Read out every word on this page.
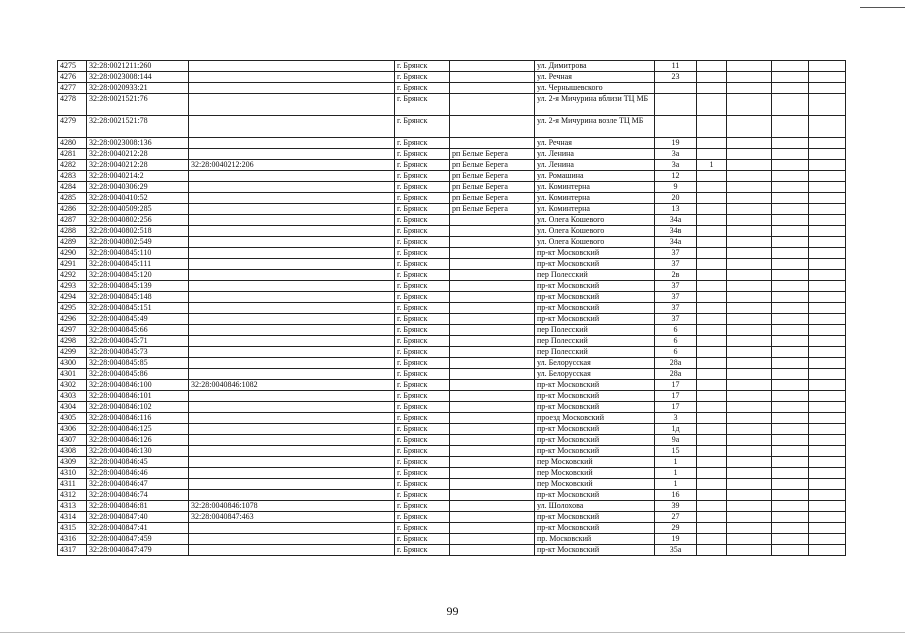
4275	32:28:0021211:260		г. Брянск		ул. Димитрова	11				
4276	32:28:0023008:144		г. Брянск		ул. Речная	23				
4277	32:28:0020933:21		г. Брянск		ул. Чернышевского					
4278	32:28:0021521:76		г. Брянск		ул. 2-я Мичурина вблизи ТЦ МБ					
4279	32:28:0021521:78		г. Брянск		ул. 2-я Мичурина возле ТЦ МБ					
4280	32:28:0023008:136		г. Брянск		ул. Речная	19				
4281	32:28:0040212:28		г. Брянск	рп Белые Берега	ул. Ленина	3а				
4282	32:28:0040212:28	32:28:0040212:206	г. Брянск	рп Белые Берега	ул. Ленина	3а	1			
4283	32:28:0040214:2		г. Брянск	рп Белые Берега	ул. Ромашина	12				
4284	32:28:0040306:29		г. Брянск	рп Белые Берега	ул. Коминтерна	9				
4285	32:28:0040410:52		г. Брянск	рп Белые Берега	ул. Коминтерна	20				
4286	32:28:0040509:285		г. Брянск	рп Белые Берега	ул. Коминтерна	13				
4287	32:28:0040802:256		г. Брянск		ул. Олега Кошевого	34а				
4288	32:28:0040802:518		г. Брянск		ул. Олега Кошевого	34в				
4289	32:28:0040802:549		г. Брянск		ул. Олега Кошевого	34а				
4290	32:28:0040845:110		г. Брянск		пр-кт Московский	37				
4291	32:28:0040845:111		г. Брянск		пр-кт Московский	37				
4292	32:28:0040845:120		г. Брянск		пер Полесский	2в				
4293	32:28:0040845:139		г. Брянск		пр-кт Московский	37				
4294	32:28:0040845:148		г. Брянск		пр-кт Московский	37				
4295	32:28:0040845:151		г. Брянск		пр-кт Московский	37				
4296	32:28:0040845:49		г. Брянск		пр-кт Московский	37				
4297	32:28:0040845:66		г. Брянск		пер Полесский	6				
4298	32:28:0040845:71		г. Брянск		пер Полесский	6				
4299	32:28:0040845:73		г. Брянск		пер Полесский	6				
4300	32:28:0040845:85		г. Брянск		ул. Белорусская	28а				
4301	32:28:0040845:86		г. Брянск		ул. Белорусская	28а				
4302	32:28:0040846:100	32:28:0040846:1082	г. Брянск		пр-кт Московский	17				
4303	32:28:0040846:101		г. Брянск		пр-кт Московский	17				
4304	32:28:0040846:102		г. Брянск		пр-кт Московский	17				
4305	32:28:0040846:116		г. Брянск		проезд Московский	3				
4306	32:28:0040846:125		г. Брянск		пр-кт Московский	1д				
4307	32:28:0040846:126		г. Брянск		пр-кт Московский	9а				
4308	32:28:0040846:130		г. Брянск		пр-кт Московский	15				
4309	32:28:0040846:45		г. Брянск		пер Московский	1				
4310	32:28:0040846:46		г. Брянск		пер Московский	1				
4311	32:28:0040846:47		г. Брянск		пер Московский	1				
4312	32:28:0040846:74		г. Брянск		пр-кт Московский	16				
4313	32:28:0040846:81	32:28:0040846:1078	г. Брянск		ул. Шолохова	39				
4314	32:28:0040847:40	32:28:0040847:463	г. Брянск		пр-кт Московский	27				
4315	32:28:0040847:41		г. Брянск		пр-кт Московский	29				
4316	32:28:0040847:459		г. Брянск		пр. Московский	19				
4317	32:28:0040847:479		г. Брянск		пр-кт Московский	35а				
99
